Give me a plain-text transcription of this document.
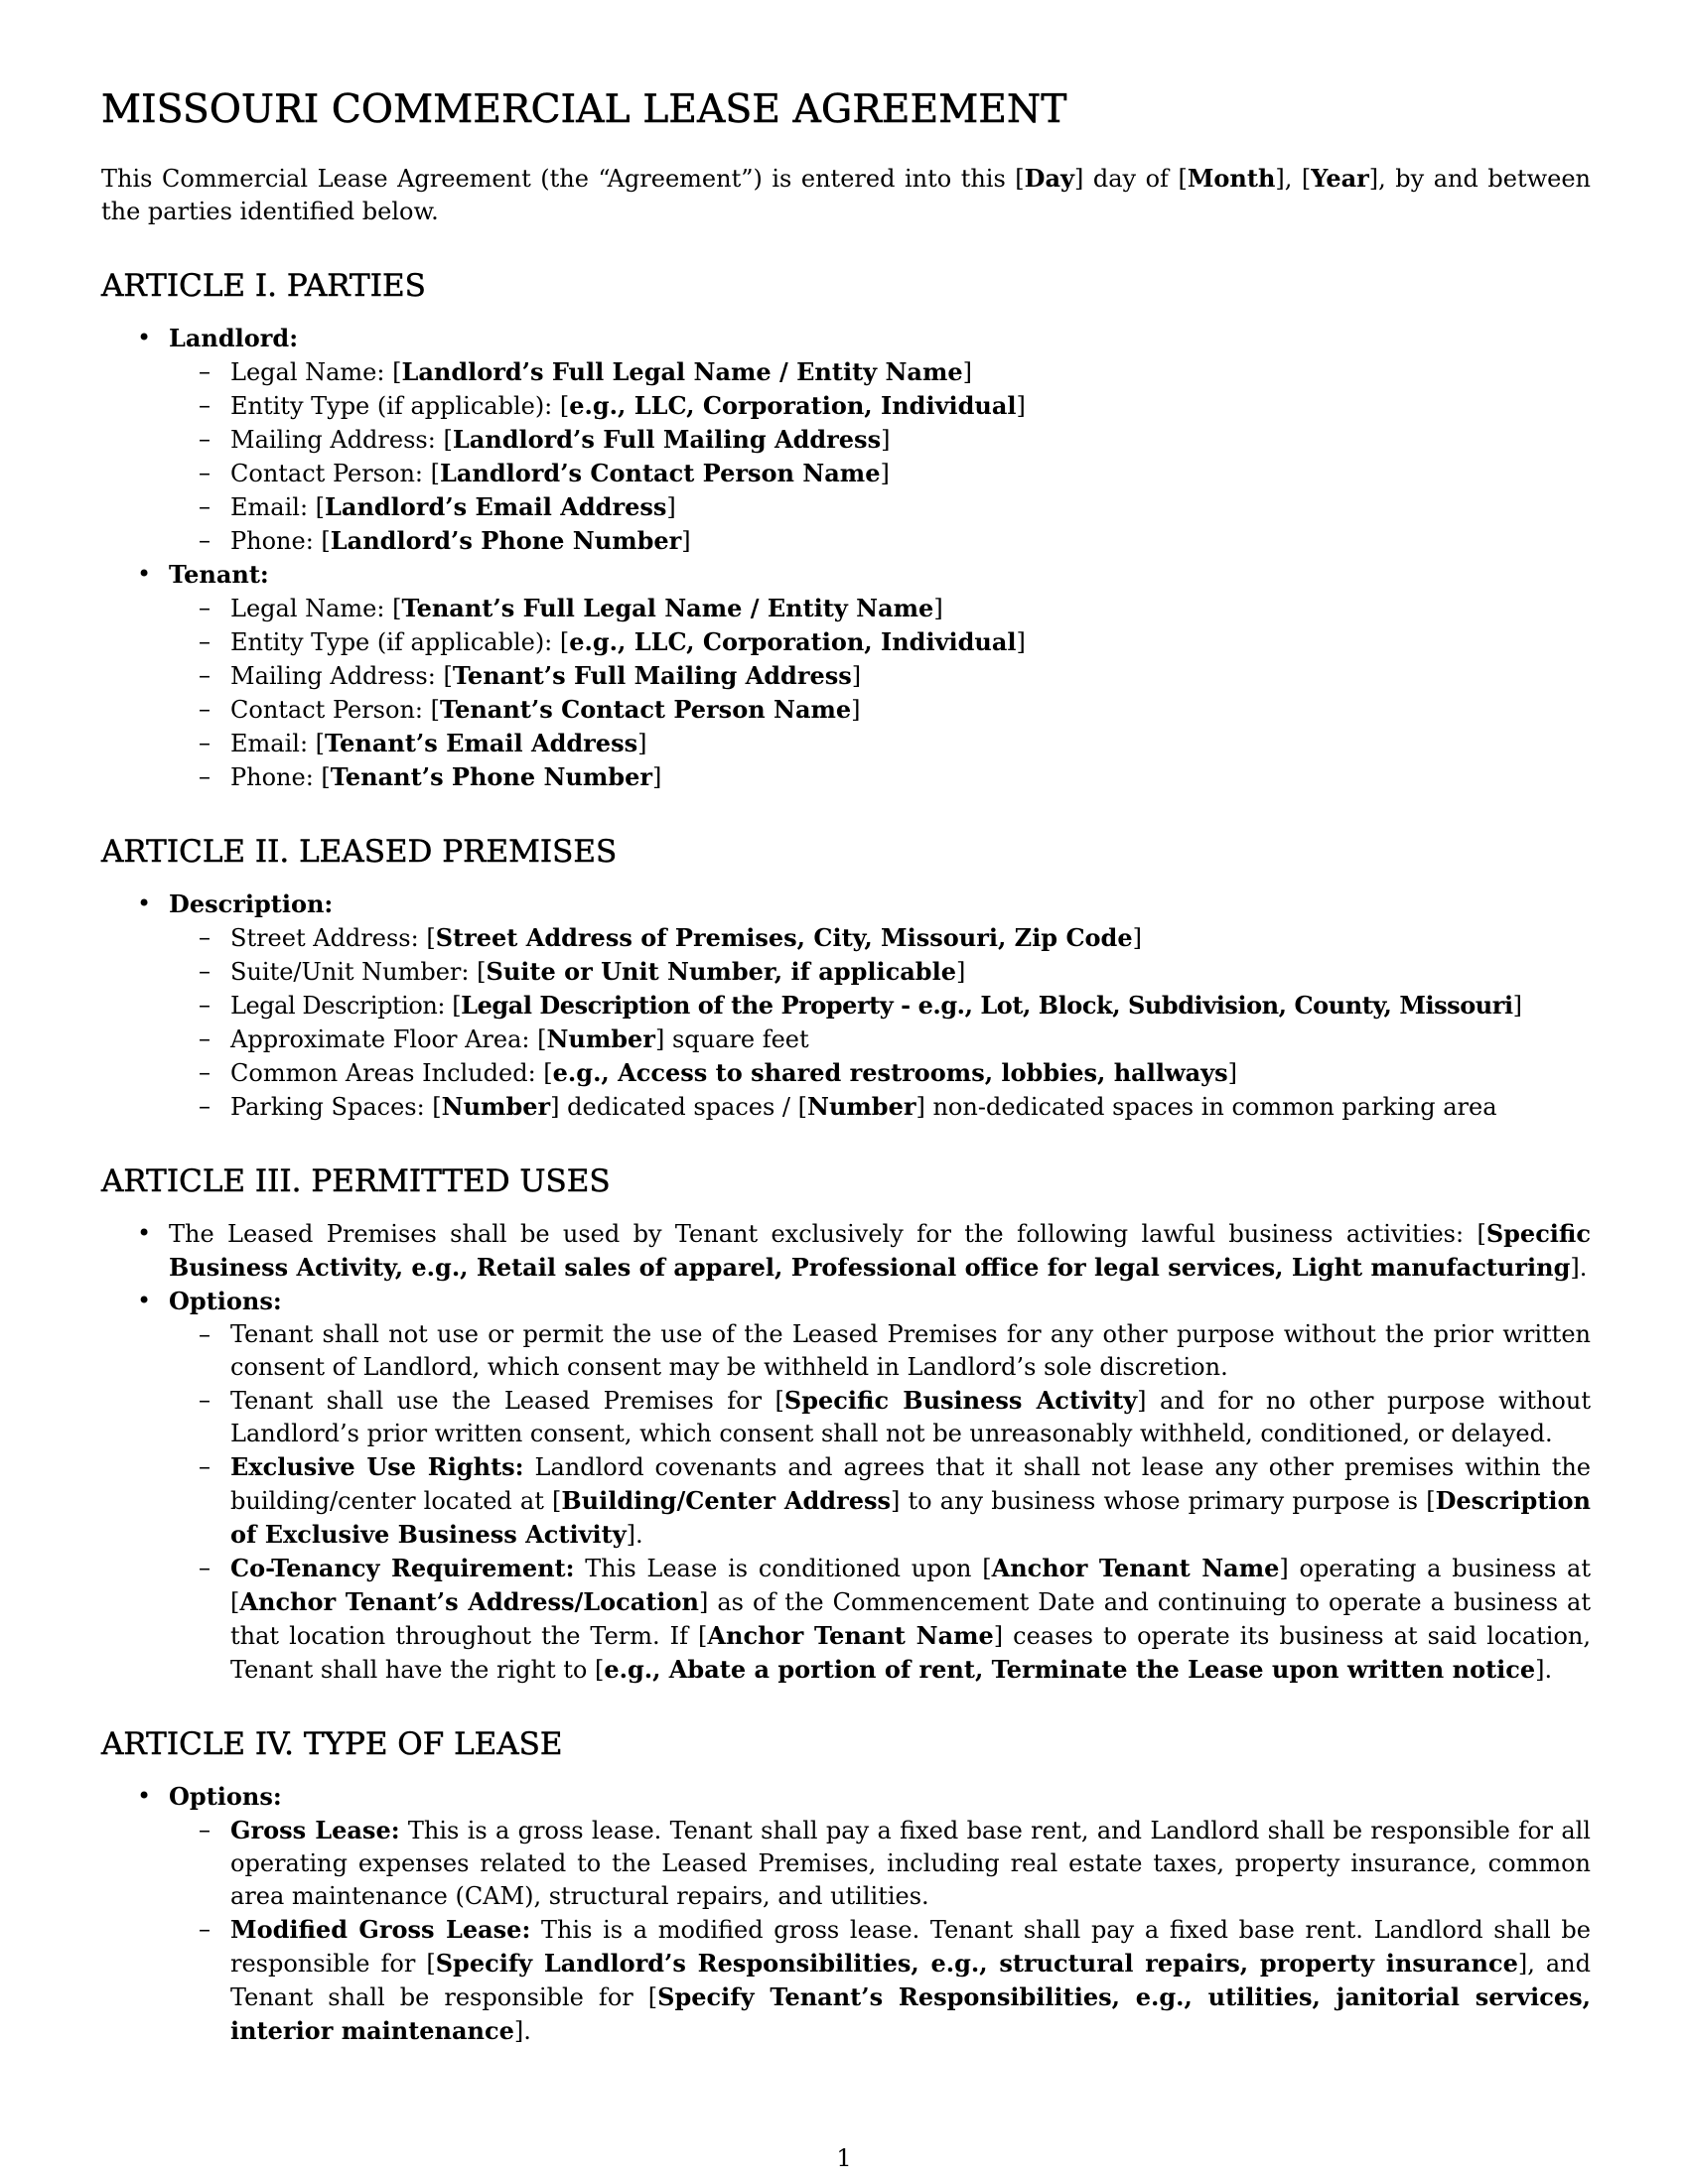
MISSOURI COMMERCIAL LEASE AGREEMENT

This Commercial Lease Agreement (the “Agreement”) is entered into this [Day] day of [Month], [Year], by and between the parties identified below.

ARTICLE I. PARTIES
• Landlord:
– Legal Name: [Landlord’s Full Legal Name / Entity Name]
– Entity Type (if applicable): [e.g., LLC, Corporation, Individual]
– Mailing Address: [Landlord’s Full Mailing Address]
– Contact Person: [Landlord’s Contact Person Name]
– Email: [Landlord’s Email Address]
– Phone: [Landlord’s Phone Number]
• Tenant:
– Legal Name: [Tenant’s Full Legal Name / Entity Name]
– Entity Type (if applicable): [e.g., LLC, Corporation, Individual]
– Mailing Address: [Tenant’s Full Mailing Address]
– Contact Person: [Tenant’s Contact Person Name]
– Email: [Tenant’s Email Address]
– Phone: [Tenant’s Phone Number]
ARTICLE II. LEASED PREMISES
• Description:
– Street Address: [Street Address of Premises, City, Missouri, Zip Code]
– Suite/Unit Number: [Suite or Unit Number, if applicable]
– Legal Description: [Legal Description of the Property - e.g., Lot, Block, Subdivision, County, Missouri]
– Approximate Floor Area: [Number] square feet
– Common Areas Included: [e.g., Access to shared restrooms, lobbies, hallways]
– Parking Spaces: [Number] dedicated spaces / [Number] non-dedicated spaces in common parking area
ARTICLE III. PERMITTED USES
• The Leased Premises shall be used by Tenant exclusively for the following lawful business activities: [Specific Business Activity, e.g., Retail sales of apparel, Professional office for legal services, Light manufacturing].
• Options:
– Tenant shall not use or permit the use of the Leased Premises for any other purpose without the prior written consent of Landlord, which consent may be withheld in Landlord’s sole discretion.
– Tenant shall use the Leased Premises for [Specific Business Activity] and for no other purpose without Landlord’s prior written consent, which consent shall not be unreasonably withheld, conditioned, or delayed.
– Exclusive Use Rights: Landlord covenants and agrees that it shall not lease any other premises within the building/center located at [Building/Center Address] to any business whose primary purpose is [Description of Exclusive Business Activity].
– Co-Tenancy Requirement: This Lease is conditioned upon [Anchor Tenant Name] operating a business at [Anchor Tenant’s Address/Location] as of the Commencement Date and continuing to operate a business at that location throughout the Term. If [Anchor Tenant Name] ceases to operate its business at said location, Tenant shall have the right to [e.g., Abate a portion of rent, Terminate the Lease upon written notice].
ARTICLE IV. TYPE OF LEASE
• Options:
– Gross Lease: This is a gross lease. Tenant shall pay a fixed base rent, and Landlord shall be responsible for all operating expenses related to the Leased Premises, including real estate taxes, property insurance, common area maintenance (CAM), structural repairs, and utilities.
– Modified Gross Lease: This is a modified gross lease. Tenant shall pay a fixed base rent. Landlord shall be responsible for [Specify Landlord’s Responsibilities, e.g., structural repairs, property insurance], and Tenant shall be responsible for [Specify Tenant’s Responsibilities, e.g., utilities, janitorial services, interior maintenance].
1
